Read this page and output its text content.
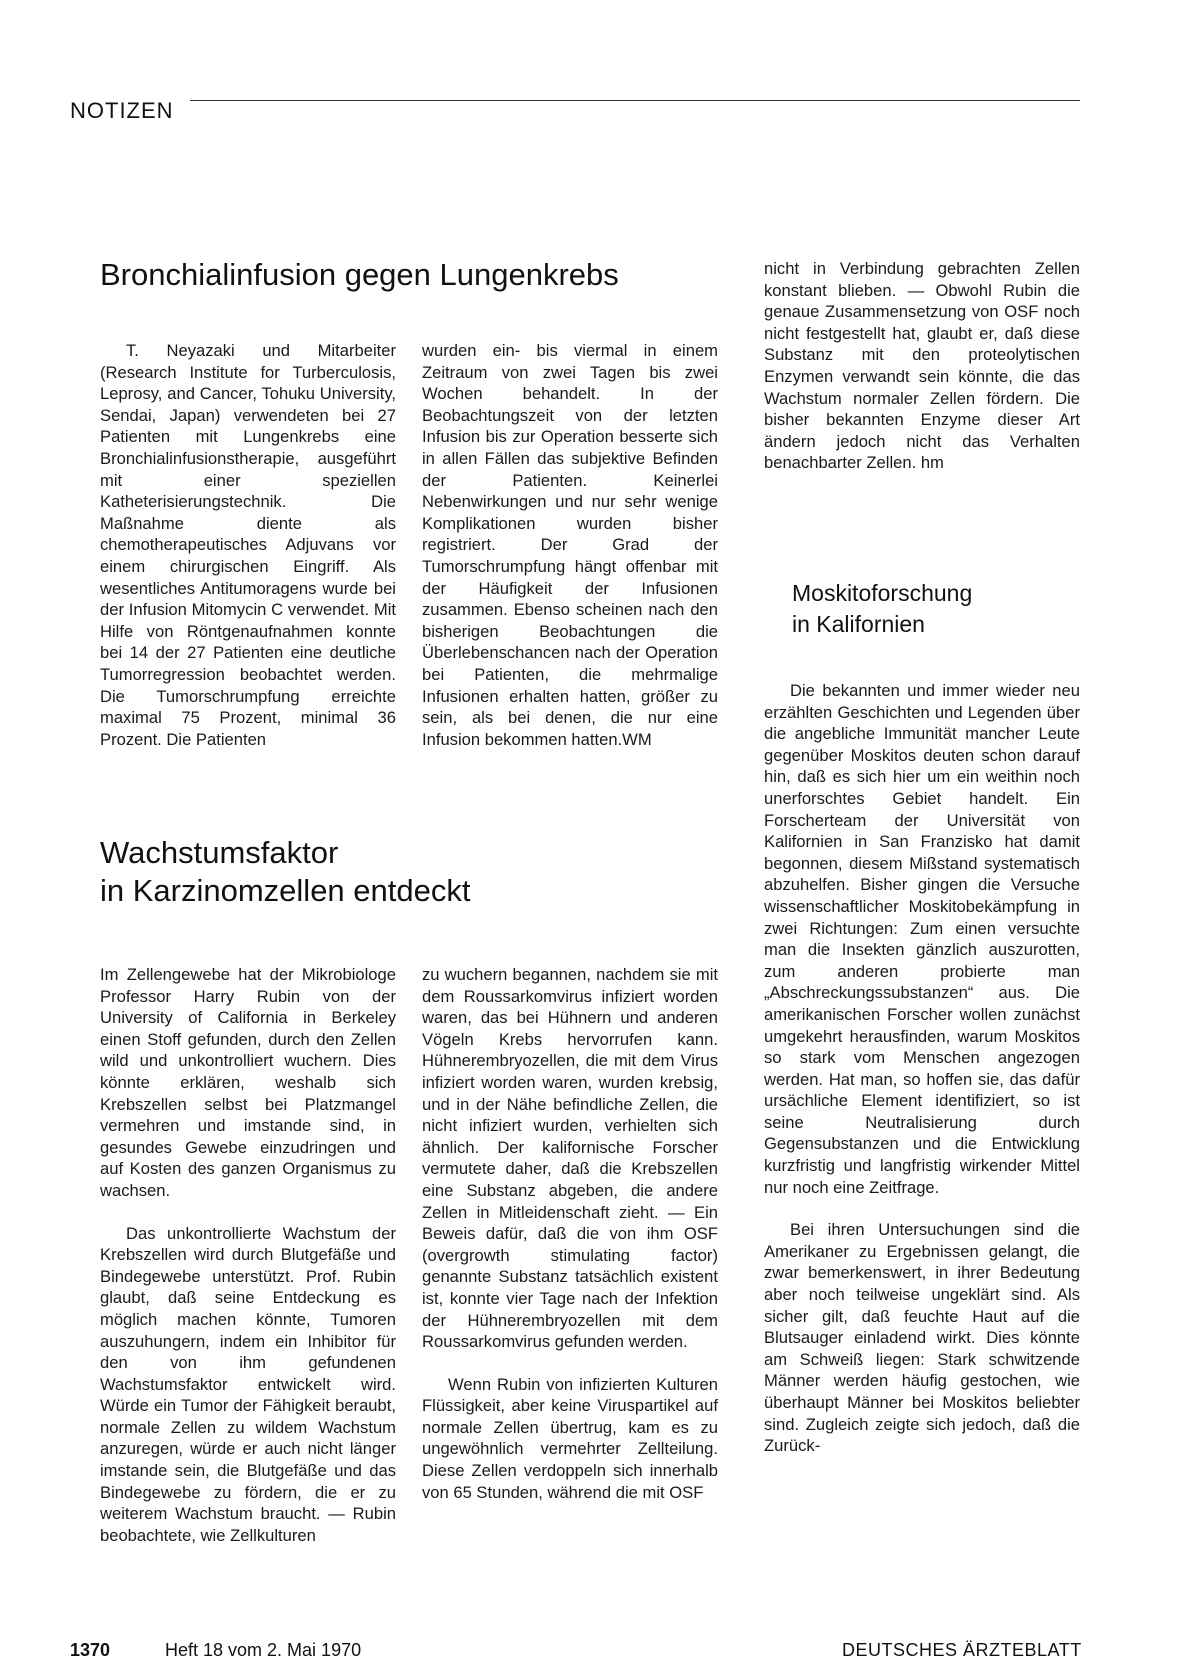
NOTIZEN
Bronchialinfusion gegen Lungenkrebs

T. Neyazaki und Mitarbeiter (Research Institute for Turberculosis, Leprosy, and Cancer, Tohuku University, Sendai, Japan) verwendeten bei 27 Patienten mit Lungenkrebs eine Bronchialinfusionstherapie, ausgeführt mit einer speziellen Katheterisierungstechnik. Die Maßnahme diente als chemotherapeutisches Adjuvans vor einem chirurgischen Eingriff. Als wesentliches Antitumoragens wurde bei der Infusion Mitomycin C verwendet. Mit Hilfe von Röntgenaufnahmen konnte bei 14 der 27 Patienten eine deutliche Tumorregression beobachtet werden. Die Tumorschrumpfung erreichte maximal 75 Prozent, minimal 36 Prozent. Die Patienten

wurden ein- bis viermal in einem Zeitraum von zwei Tagen bis zwei Wochen behandelt. In der Beobachtungszeit von der letzten Infusion bis zur Operation besserte sich in allen Fällen das subjektive Befinden der Patienten. Keinerlei Nebenwirkungen und nur sehr wenige Komplikationen wurden bisher registriert. Der Grad der Tumorschrumpfung hängt offenbar mit der Häufigkeit der Infusionen zusammen. Ebenso scheinen nach den bisherigen Beobachtungen die Überlebenschancen nach der Operation bei Patienten, die mehrmalige Infusionen erhalten hatten, größer zu sein, als bei denen, die nur eine Infusion bekommen hatten.WM

Wachstumsfaktor
in Karzinomzellen entdeckt

Im Zellengewebe hat der Mikrobiologe Professor Harry Rubin von der University of California in Berkeley einen Stoff gefunden, durch den Zellen wild und unkontrolliert wuchern. Dies könnte erklären, weshalb sich Krebszellen selbst bei Platzmangel vermehren und imstande sind, in gesundes Gewebe einzudringen und auf Kosten des ganzen Organismus zu wachsen.

Das unkontrollierte Wachstum der Krebszellen wird durch Blutgefäße und Bindegewebe unterstützt. Prof. Rubin glaubt, daß seine Entdeckung es möglich machen könnte, Tumoren auszuhungern, indem ein Inhibitor für den von ihm gefundenen Wachstumsfaktor entwickelt wird. Würde ein Tumor der Fähigkeit beraubt, normale Zellen zu wildem Wachstum anzuregen, würde er auch nicht länger imstande sein, die Blutgefäße und das Bindegewebe zu fördern, die er zu weiterem Wachstum braucht. — Rubin beobachtete, wie Zellkulturen

zu wuchern begannen, nachdem sie mit dem Roussarkomvirus infiziert worden waren, das bei Hühnern und anderen Vögeln Krebs hervorrufen kann. Hühnerembryozellen, die mit dem Virus infiziert worden waren, wurden krebsig, und in der Nähe befindliche Zellen, die nicht infiziert wurden, verhielten sich ähnlich. Der kalifornische Forscher vermutete daher, daß die Krebszellen eine Substanz abgeben, die andere Zellen in Mitleidenschaft zieht. — Ein Beweis dafür, daß die von ihm OSF (overgrowth stimulating factor) genannte Substanz tatsächlich existent ist, konnte vier Tage nach der Infektion der Hühnerembryozellen mit dem Roussarkomvirus gefunden werden.

Wenn Rubin von infizierten Kulturen Flüssigkeit, aber keine Viruspartikel auf normale Zellen übertrug, kam es zu ungewöhnlich vermehrter Zellteilung. Diese Zellen verdoppeln sich innerhalb von 65 Stunden, während die mit OSF

nicht in Verbindung gebrachten Zellen konstant blieben. — Obwohl Rubin die genaue Zusammensetzung von OSF noch nicht festgestellt hat, glaubt er, daß diese Substanz mit den proteolytischen Enzymen verwandt sein könnte, die das Wachstum normaler Zellen fördern. Die bisher bekannten Enzyme dieser Art ändern jedoch nicht das Verhalten benachbarter Zellen. hm

Moskitoforschung
in Kalifornien

Die bekannten und immer wieder neu erzählten Geschichten und Legenden über die angebliche Immunität mancher Leute gegenüber Moskitos deuten schon darauf hin, daß es sich hier um ein weithin noch unerforschtes Gebiet handelt. Ein Forscherteam der Universität von Kalifornien in San Franzisko hat damit begonnen, diesem Mißstand systematisch abzuhelfen. Bisher gingen die Versuche wissenschaftlicher Moskitobekämpfung in zwei Richtungen: Zum einen versuchte man die Insekten gänzlich auszurotten, zum anderen probierte man „Abschreckungssubstanzen“ aus. Die amerikanischen Forscher wollen zunächst umgekehrt herausfinden, warum Moskitos so stark vom Menschen angezogen werden. Hat man, so hoffen sie, das dafür ursächliche Element identifiziert, so ist seine Neutralisierung durch Gegensubstanzen und die Entwicklung kurzfristig und langfristig wirkender Mittel nur noch eine Zeitfrage.

Bei ihren Untersuchungen sind die Amerikaner zu Ergebnissen gelangt, die zwar bemerkenswert, in ihrer Bedeutung aber noch teilweise ungeklärt sind. Als sicher gilt, daß feuchte Haut auf die Blutsauger einladend wirkt. Dies könnte am Schweiß liegen: Stark schwitzende Männer werden häufig gestochen, wie überhaupt Männer bei Moskitos beliebter sind. Zugleich zeigte sich jedoch, daß die Zurück-

1370	Heft 18 vom 2. Mai 1970	DEUTSCHES ÄRZTEBLATT
